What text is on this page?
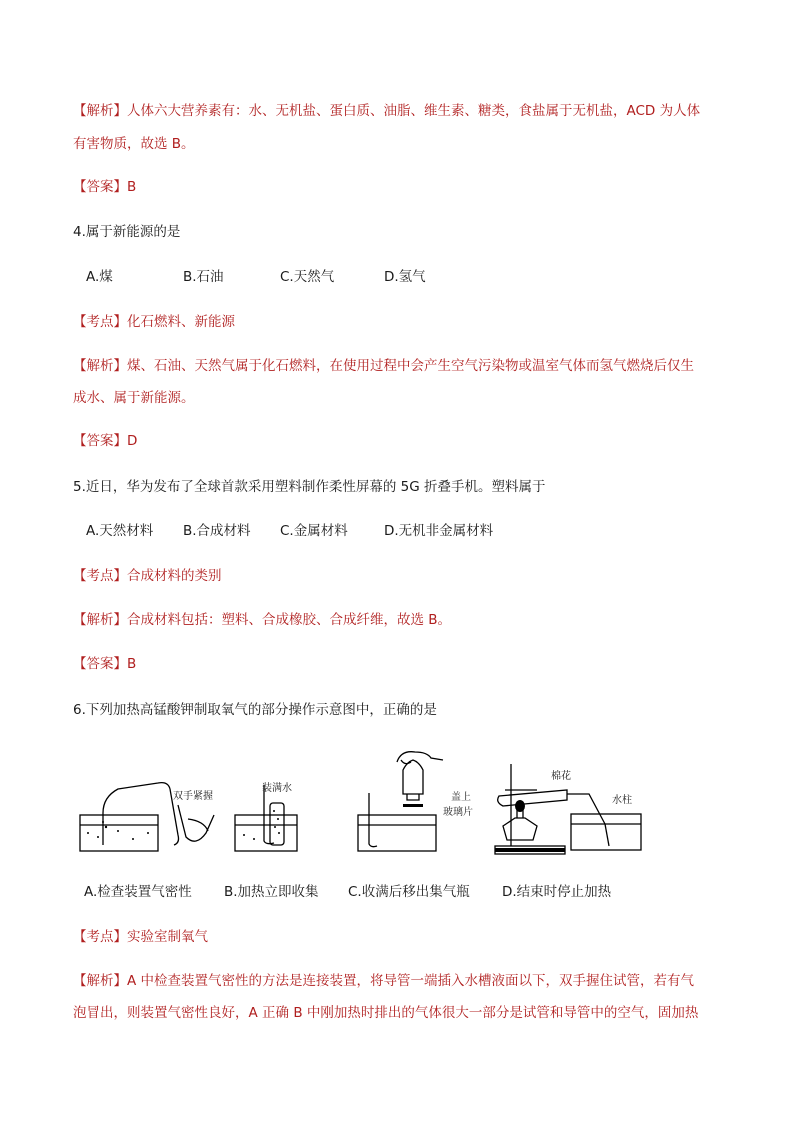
【解析】人体六大营养素有：水、无机盐、蛋白质、油脂、维生素、糖类，食盐属于无机盐，ACD 为人体
有害物质，故选 B。
【答案】B
4.属于新能源的是
A.煤	B.石油	C.天然气	D.氢气
【考点】化石燃料、新能源
【解析】煤、石油、天然气属于化石燃料，在使用过程中会产生空气污染物或温室气体而氢气燃烧后仅生
成水、属于新能源。
【答案】D
5.近日，华为发布了全球首款采用塑料制作柔性屏幕的 5G 折叠手机。塑料属于
A.天然材料 B.合成材料 C.金属材料	D.无机非金属材料
【考点】合成材料的类别
【解析】合成材料包括：塑料、合成橡胶、合成纤维，故选 B。
【答案】B
6.下列加热高锰酸钾制取氧气的部分操作示意图中，正确的是
双手紧握
装满水
盖上
玻璃片
棉花
水柱
A.检查装置气密性 B.加热立即收集 C.收满后移出集气瓶 D.结束时停止加热
【考点】实验室制氧气
【解析】A 中检查装置气密性的方法是连接装置，将导管一端插入水槽液面以下，双手握住试管，若有气
泡冒出，则装置气密性良好，A 正确 B 中刚加热时排出的气体很大一部分是试管和导管中的空气，固加热
